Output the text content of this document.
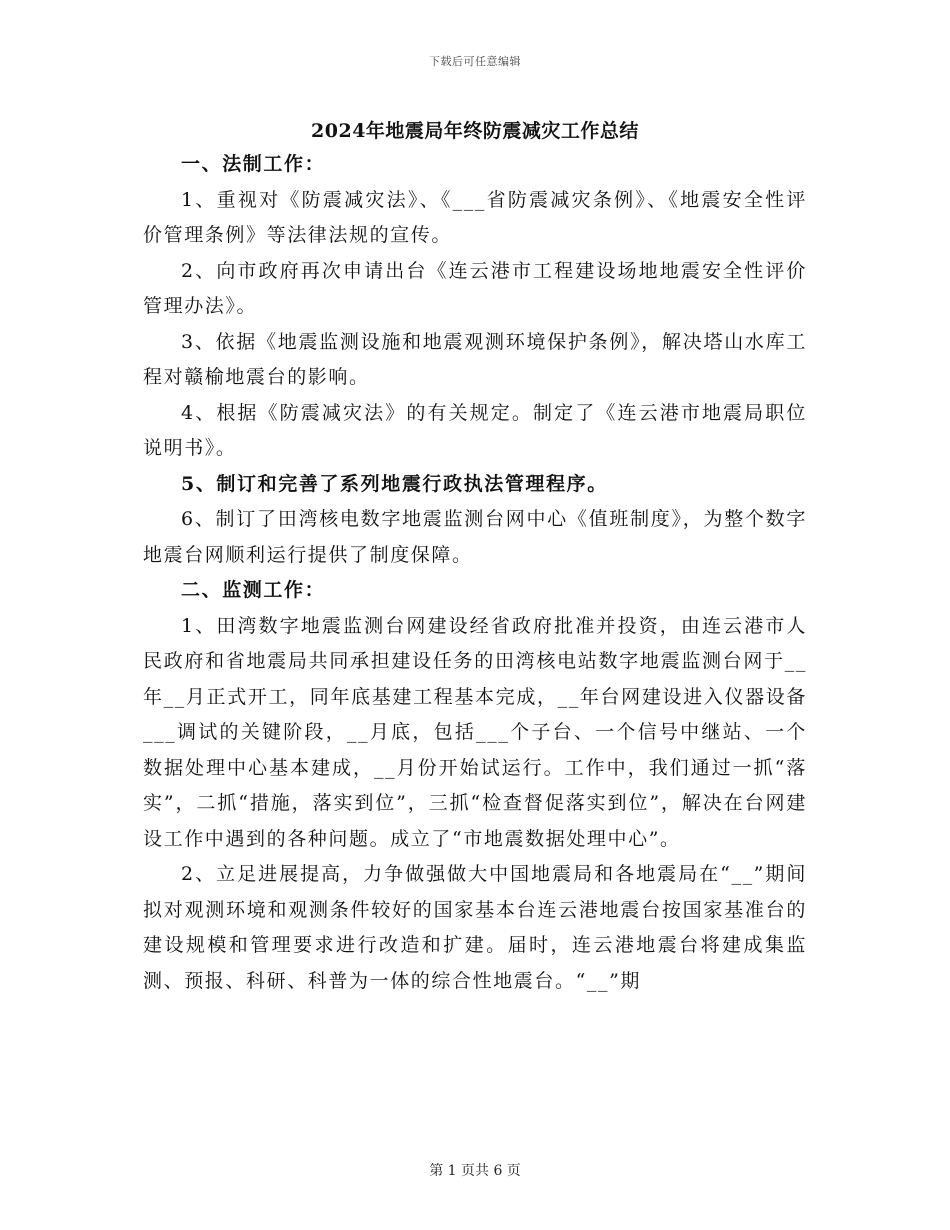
下载后可任意编辑
2024年地震局年终防震减灾工作总结

一、法制工作：

1、重视对《防震减灾法》、《___省防震减灾条例》、《地震安全性评价管理条例》等法律法规的宣传。

2、向市政府再次申请出台《连云港市工程建设场地地震安全性评价管理办法》。

3、依据《地震监测设施和地震观测环境保护条例》，解决塔山水库工程对赣榆地震台的影响。

4、根据《防震减灾法》的有关规定。制定了《连云港市地震局职位说明书》。

5、制订和完善了系列地震行政执法管理程序。

6、制订了田湾核电数字地震监测台网中心《值班制度》，为整个数字地震台网顺利运行提供了制度保障。

二、监测工作：

1、田湾数字地震监测台网建设经省政府批准并投资，由连云港市人民政府和省地震局共同承担建设任务的田湾核电站数字地震监测台网于__年__月正式开工，同年底基建工程基本完成，__年台网建设进入仪器设备___调试的关键阶段，__月底，包括___个子台、一个信号中继站、一个数据处理中心基本建成，__月份开始试运行。工作中，我们通过一抓“落实”，二抓“措施，落实到位”，三抓“检查督促落实到位”，解决在台网建设工作中遇到的各种问题。成立了“市地震数据处理中心”。

2、立足进展提高，力争做强做大中国地震局和各地震局在“__”期间拟对观测环境和观测条件较好的国家基本台连云港地震台按国家基准台的建设规模和管理要求进行改造和扩建。届时，连云港地震台将建成集监测、预报、科研、科普为一体的综合性地震台。“__”期

第 1 页共 6 页
